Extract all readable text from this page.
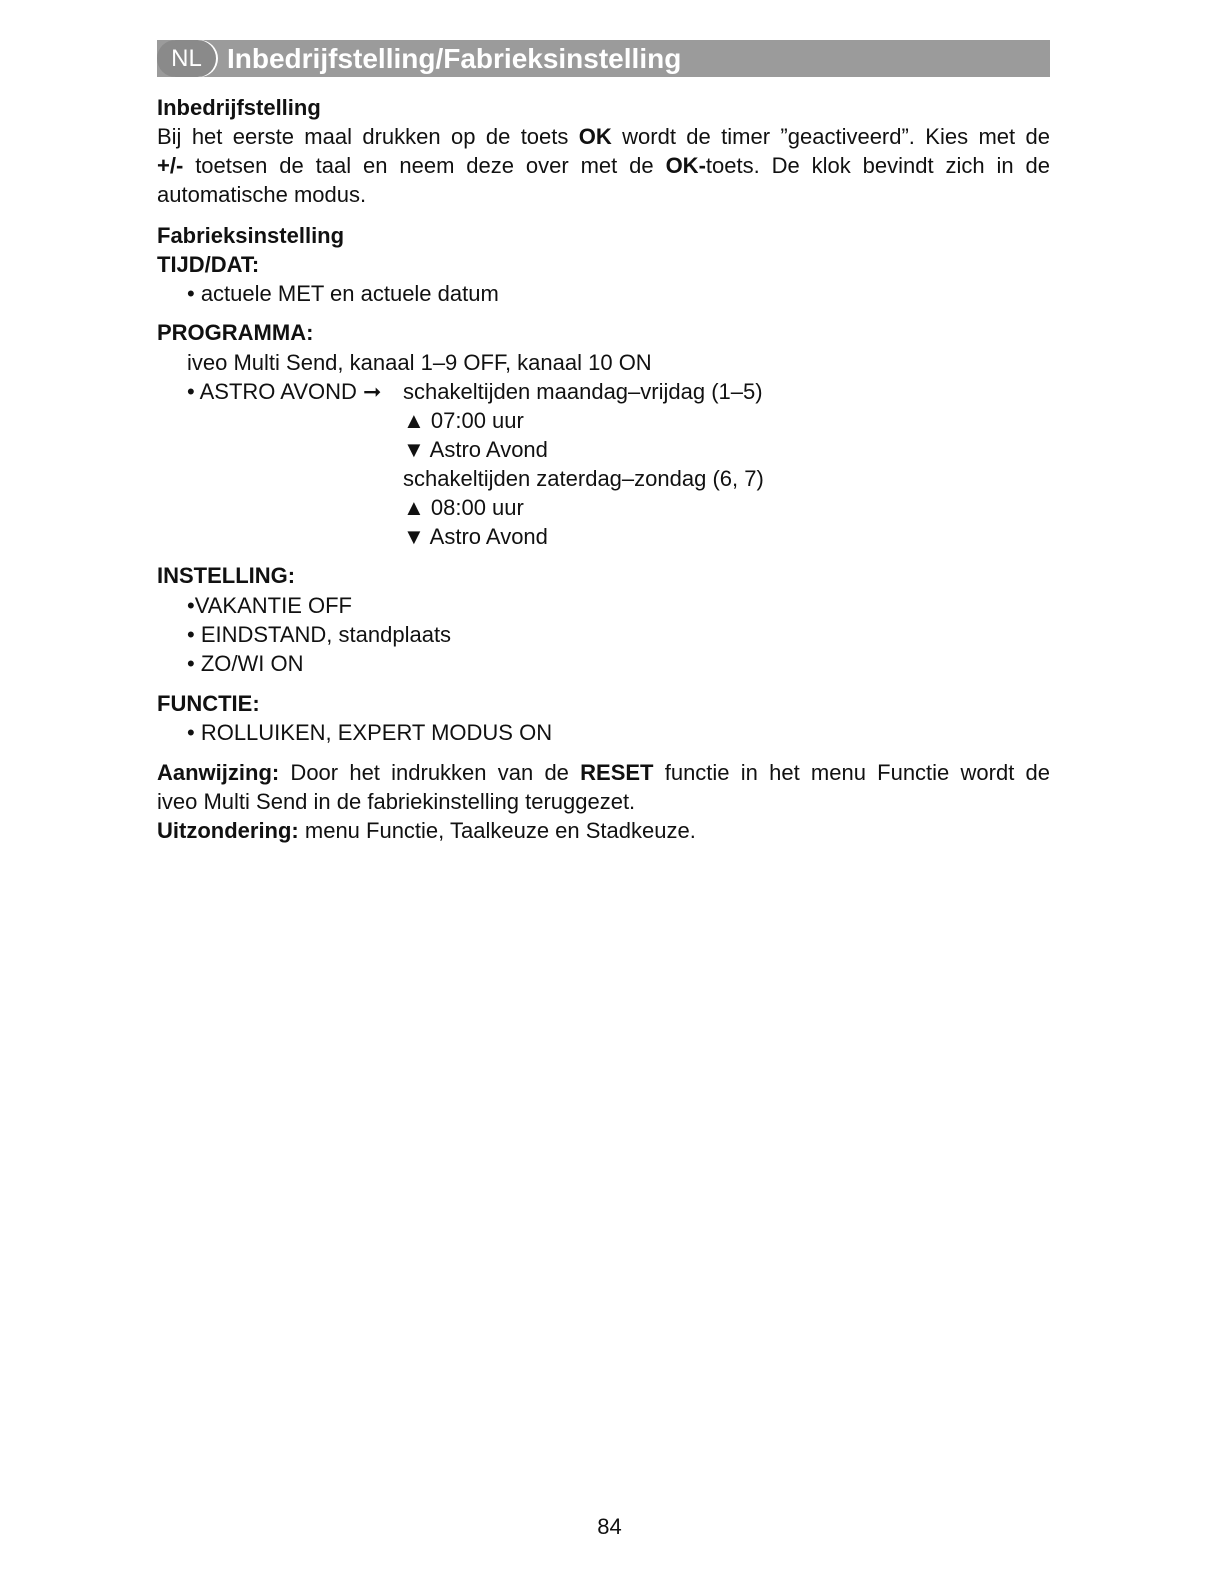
NL Inbedrijfstelling/Fabrieksinstelling
Inbedrijfstelling
Bij het eerste maal drukken op de toets OK wordt de timer ”geactiveerd”. Kies met de
+/- toetsen de taal en neem deze over met de OK-toets. De klok bevindt zich in de
automatische modus.
Fabrieksinstelling
TIJD/DAT:
• actuele MET en actuele datum
PROGRAMMA:
iveo Multi Send, kanaal 1–9 OFF, kanaal 10 ON
• ASTRO AVOND ➞ schakeltijden maandag–vrijdag (1–5)
▲ 07:00 uur
▼ Astro Avond
schakeltijden zaterdag–zondag (6, 7)
▲ 08:00 uur
▼ Astro Avond
INSTELLING:
•VAKANTIE OFF
• EINDSTAND, standplaats
• ZO/WI ON
FUNCTIE:
• ROLLUIKEN, EXPERT MODUS ON
Aanwijzing: Door het indrukken van de RESET functie in het menu Functie wordt de
iveo Multi Send in de fabriekinstelling teruggezet.
Uitzondering: menu Functie, Taalkeuze en Stadkeuze.
84
